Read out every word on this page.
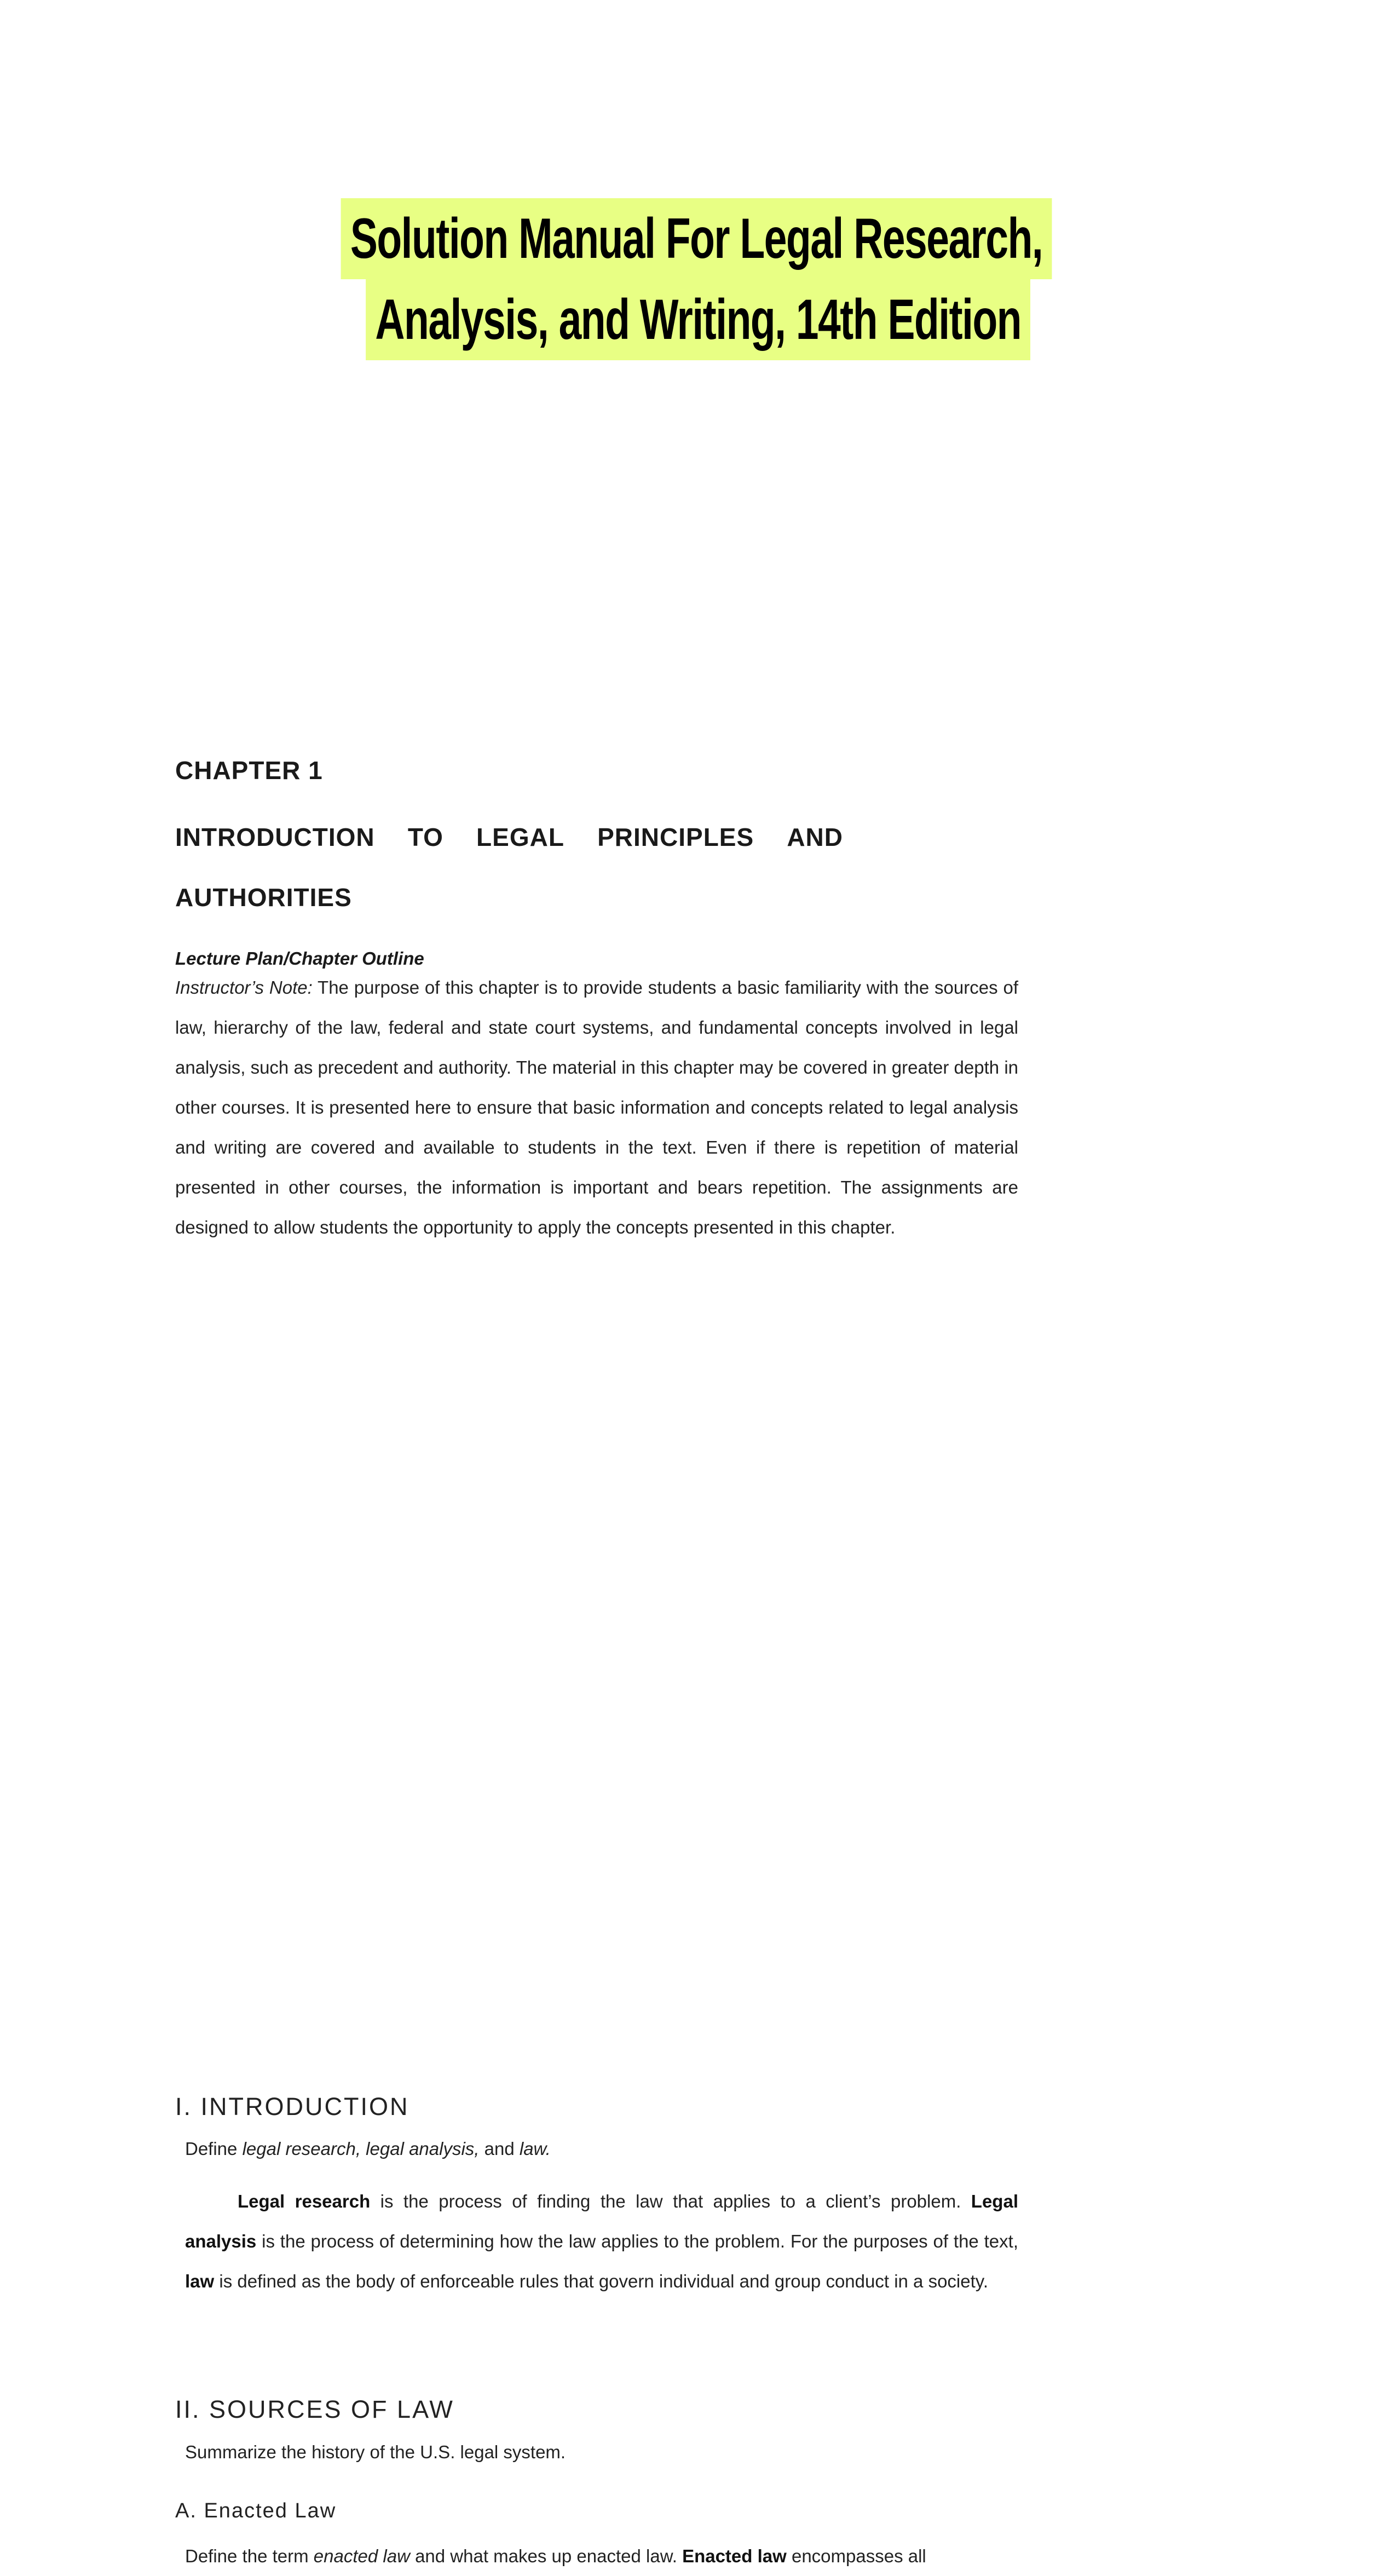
Solution Manual For Legal Research,
Analysis, and Writing, 14th Edition
CHAPTER 1
INTRODUCTION TO LEGAL PRINCIPLES AND
AUTHORITIES
Lecture Plan/Chapter Outline
Instructor’s Note: The purpose of this chapter is to provide students a basic familiarity with the sources of law, hierarchy of the law, federal and state court systems, and fundamental concepts involved in legal analysis, such as precedent and authority. The material in this chapter may be covered in greater depth in other courses. It is presented here to ensure that basic information and concepts related to legal analysis and writing are covered and available to students in the text. Even if there is repetition of material presented in other courses, the information is important and bears repetition. The assignments are designed to allow students the opportunity to apply the concepts presented in this chapter.
I. INTRODUCTION
Define legal research, legal analysis, and law.
Legal research is the process of finding the law that applies to a client’s problem. Legal analysis is the process of determining how the law applies to the problem. For the purposes of the text, law is defined as the body of enforceable rules that govern individual and group conduct in a society.
II. SOURCES OF LAW
Summarize the history of the U.S. legal system.
A. Enacted Law
Define the term enacted law and what makes up enacted law. Enacted law encompasses all
